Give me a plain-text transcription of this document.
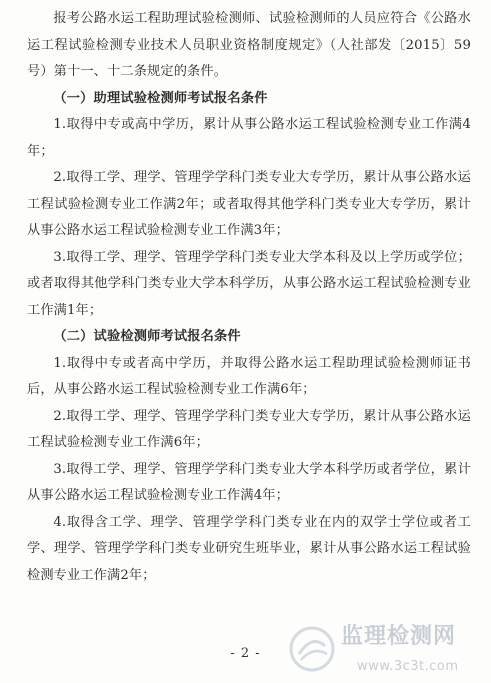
报考公路水运工程助理试验检测师、试验检测师的人员应符合《公路水运工程试验检测专业技术人员职业资格制度规定》（人社部发〔2015〕59号）第十一、十二条规定的条件。

（一）助理试验检测师考试报名条件

1.取得中专或高中学历，累计从事公路水运工程试验检测专业工作满4年；

2.取得工学、理学、管理学学科门类专业大专学历，累计从事公路水运工程试验检测专业工作满2年；或者取得其他学科门类专业大专学历，累计从事公路水运工程试验检测专业工作满3年；

3.取得工学、理学、管理学学科门类专业大学本科及以上学历或学位；或者取得其他学科门类专业大学本科学历，从事公路水运工程试验检测专业工作满1年；

（二）试验检测师考试报名条件

1.取得中专或者高中学历，并取得公路水运工程助理试验检测师证书后，从事公路水运工程试验检测专业工作满6年；

2.取得工学、理学、管理学学科门类专业大专学历，累计从事公路水运工程试验检测专业工作满6年；

3.取得工学、理学、管理学学科门类专业大学本科学历或者学位，累计从事公路水运工程试验检测专业工作满4年；

4.取得含工学、理学、管理学学科门类专业在内的双学士学位或者工学、理学、管理学学科门类专业研究生班毕业，累计从事公路水运工程试验检测专业工作满2年；

- 2 -
监理检测网
www.3c3t.com
